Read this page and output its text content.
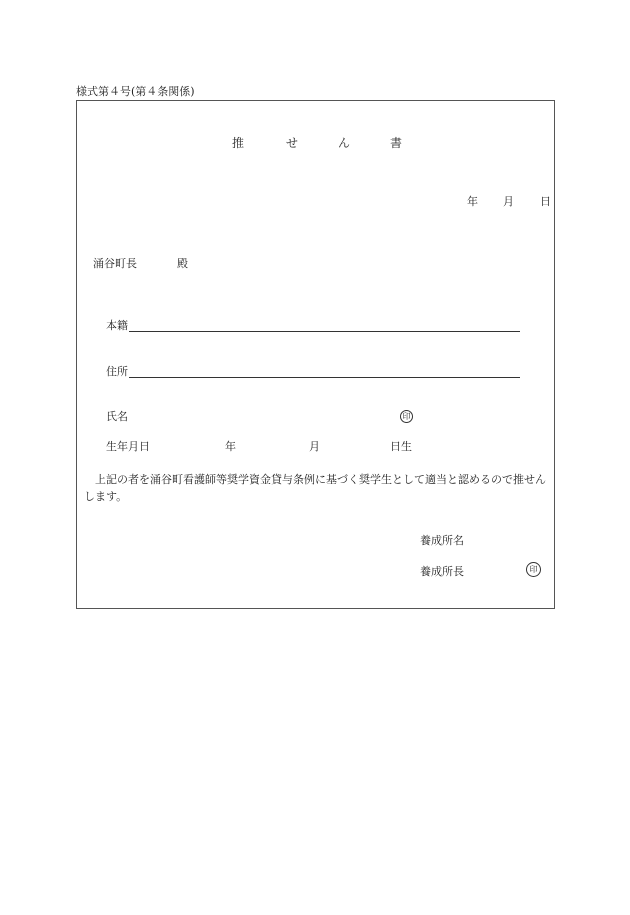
様式第４号(第４条関係)
推	せ	ん	書
年 月 日
涌谷町長	殿
本籍
住所
氏名	印
生年月日	年	月	日生
上記の者を涌谷町看護師等奨学資金貸与条例に基づく奨学生として適当と認めるので推せんします。
養成所名
養成所長	印
